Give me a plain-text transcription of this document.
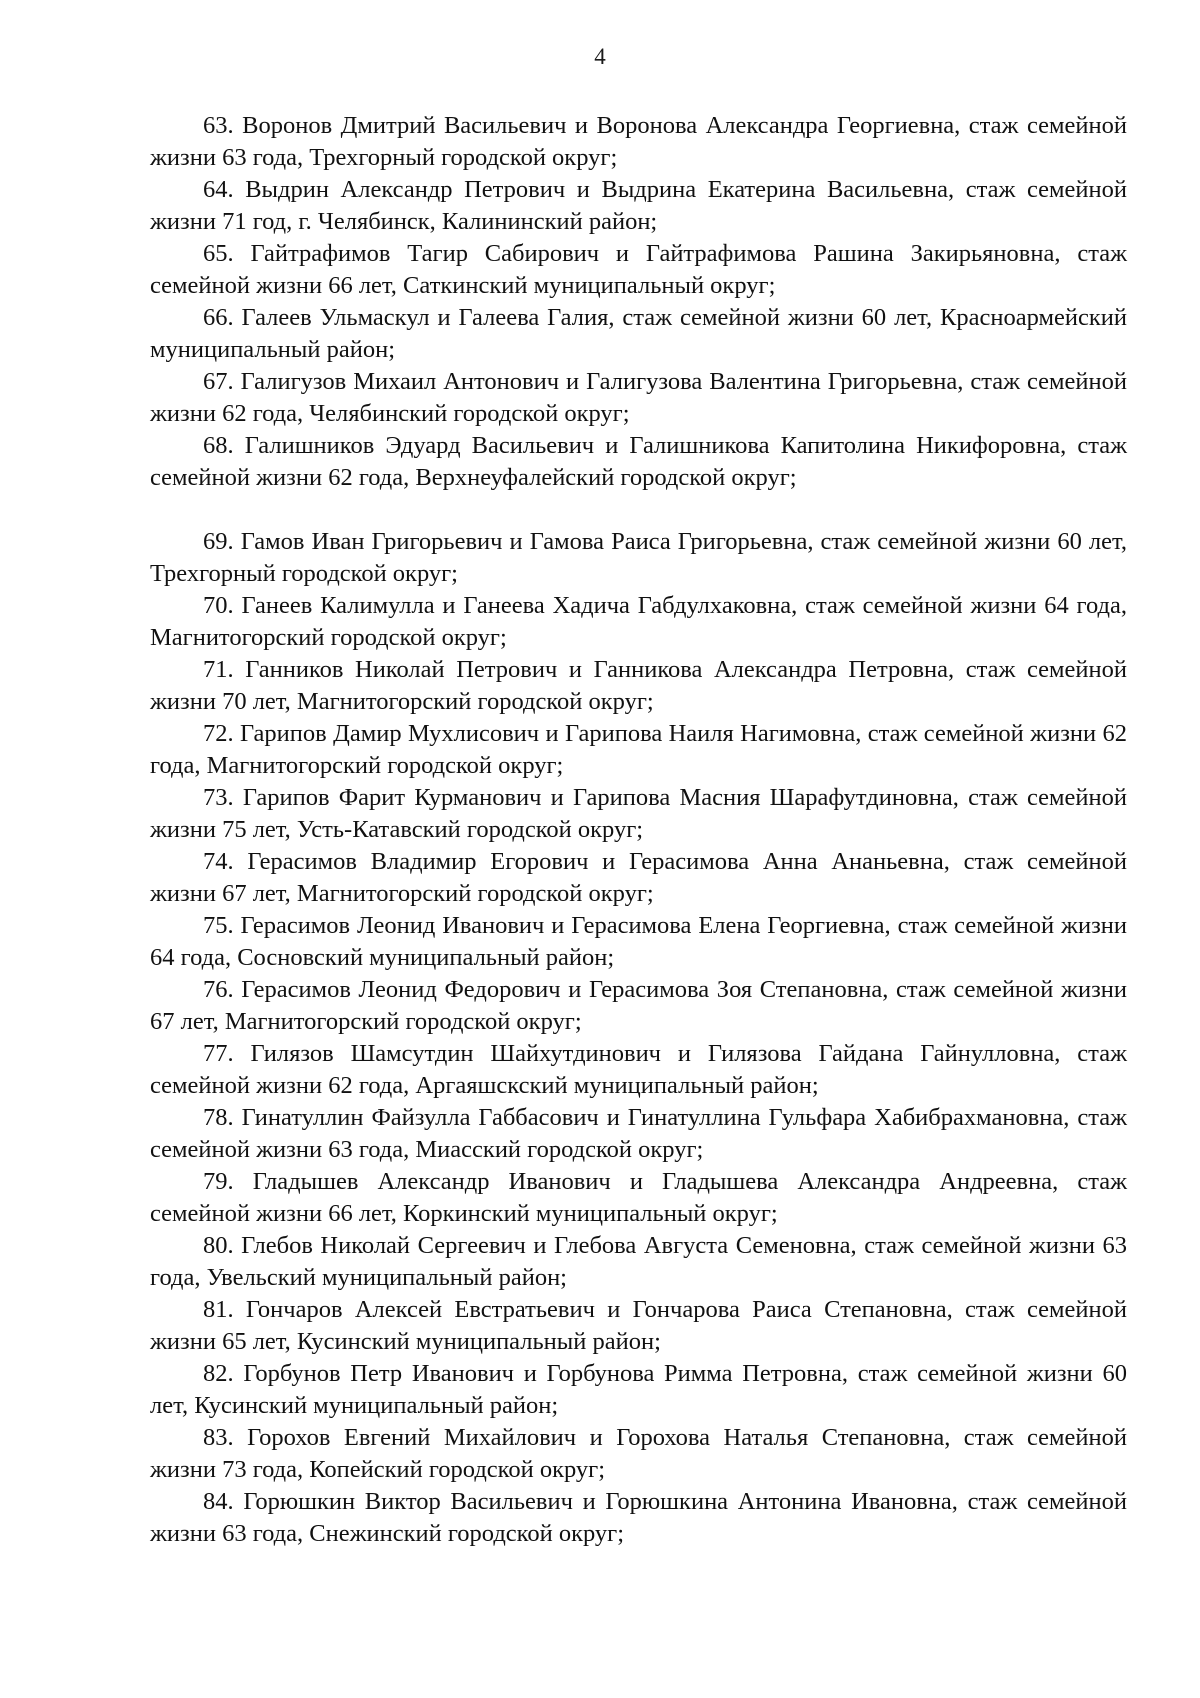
4

63. Воронов Дмитрий Васильевич и Воронова Александра Георгиевна, стаж семейной жизни 63 года, Трехгорный городской округ;

64. Выдрин Александр Петрович и Выдрина Екатерина Васильевна, стаж семейной жизни 71 год, г. Челябинск, Калининский район;

65. Гайтрафимов Тагир Сабирович и Гайтрафимова Рашина Закирьяновна, стаж семейной жизни 66 лет, Саткинский муниципальный округ;

66. Галеев Ульмаскул и Галеева Галия, стаж семейной жизни 60 лет, Красноармейский муниципальный район;

67. Галигузов Михаил Антонович и Галигузова Валентина Григорьевна, стаж семейной жизни 62 года, Челябинский городской округ;

68. Галишников Эдуард Васильевич и Галишникова Капитолина Никифоровна, стаж семейной жизни 62 года, Верхнеуфалейский городской округ;

69. Гамов Иван Григорьевич и Гамова Раиса Григорьевна, стаж семейной жизни 60 лет, Трехгорный городской округ;

70. Ганеев Калимулла и Ганеева Хадича Габдулхаковна, стаж семейной жизни 64 года, Магнитогорский городской округ;

71. Ганников Николай Петрович и Ганникова Александра Петровна, стаж семейной жизни 70 лет, Магнитогорский городской округ;

72. Гарипов Дамир Мухлисович и Гарипова Наиля Нагимовна, стаж семейной жизни 62 года, Магнитогорский городской округ;

73. Гарипов Фарит Курманович и Гарипова Масния Шарафутдиновна, стаж семейной жизни 75 лет, Усть-Катавский городской округ;

74. Герасимов Владимир Егорович и Герасимова Анна Ананьевна, стаж семейной жизни 67 лет, Магнитогорский городской округ;

75. Герасимов Леонид Иванович и Герасимова Елена Георгиевна, стаж семейной жизни 64 года, Сосновский муниципальный район;

76. Герасимов Леонид Федорович и Герасимова Зоя Степановна, стаж семейной жизни 67 лет, Магнитогорский городской округ;

77. Гилязов Шамсутдин Шайхутдинович и Гилязова Гайдана Гайнулловна, стаж семейной жизни 62 года, Аргаяшскский муниципальный район;

78. Гинатуллин Файзулла Габбасович и Гинатуллина Гульфара Хабибрахмановна, стаж семейной жизни 63 года, Миасский городской округ;

79. Гладышев Александр Иванович и Гладышева Александра Андреевна, стаж семейной жизни 66 лет, Коркинский муниципальный округ;

80. Глебов Николай Сергеевич и Глебова Августа Семеновна, стаж семейной жизни 63 года, Увельский муниципальный район;

81. Гончаров Алексей Евстратьевич и Гончарова Раиса Степановна, стаж семейной жизни 65 лет, Кусинский муниципальный район;

82. Горбунов Петр Иванович и Горбунова Римма Петровна, стаж семейной жизни 60 лет, Кусинский муниципальный район;

83. Горохов Евгений Михайлович и Горохова Наталья Степановна, стаж семейной жизни 73 года, Копейский городской округ;

84. Горюшкин Виктор Васильевич и Горюшкина Антонина Ивановна, стаж семейной жизни 63 года, Снежинский городской округ;
